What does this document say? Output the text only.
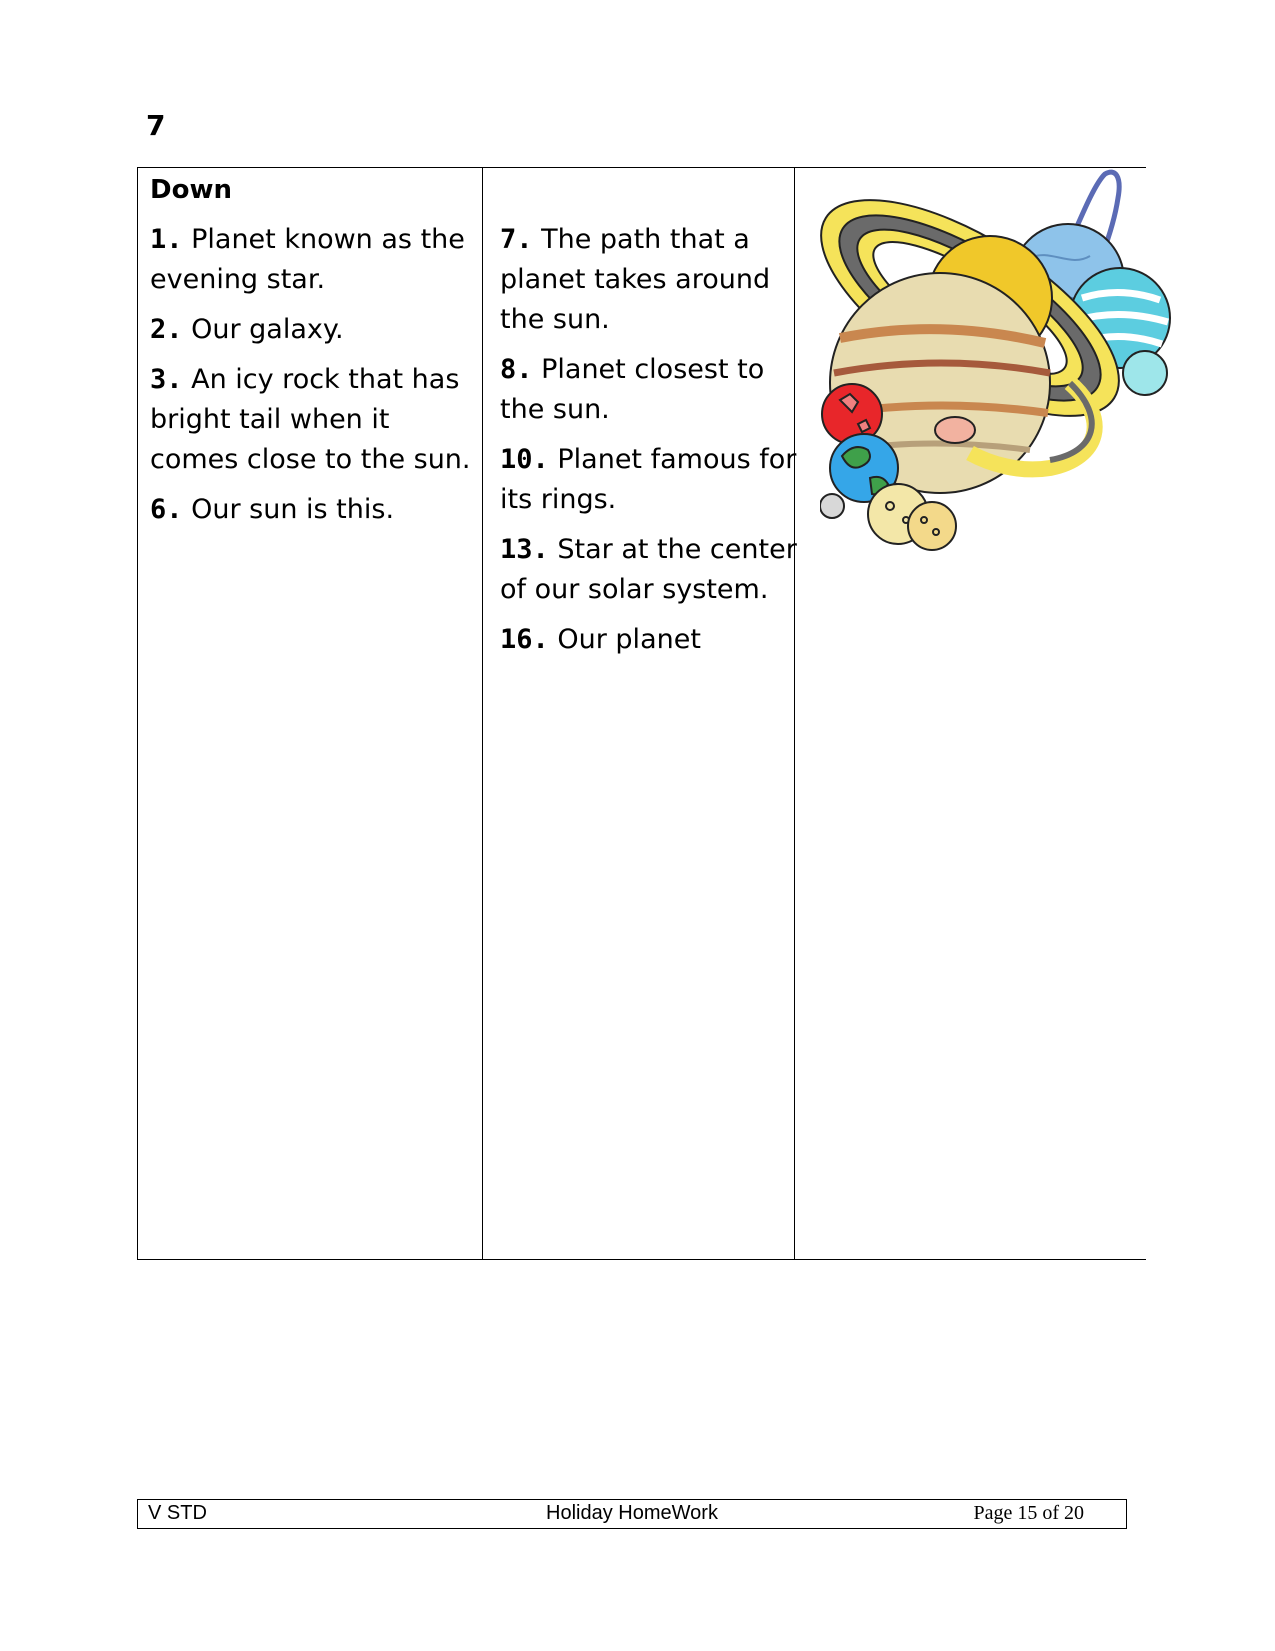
7
Down
1. Planet known as the evening star.
2. Our galaxy.
3. An icy rock that has bright tail when it comes close to the sun.
6. Our sun is this.
7. The path that a planet takes around the sun.
8. Planet closest to the sun.
10. Planet famous for its rings.
13. Star at the center of our solar system.
16. Our planet
V STD	Holiday HomeWork	Page 15 of 20
